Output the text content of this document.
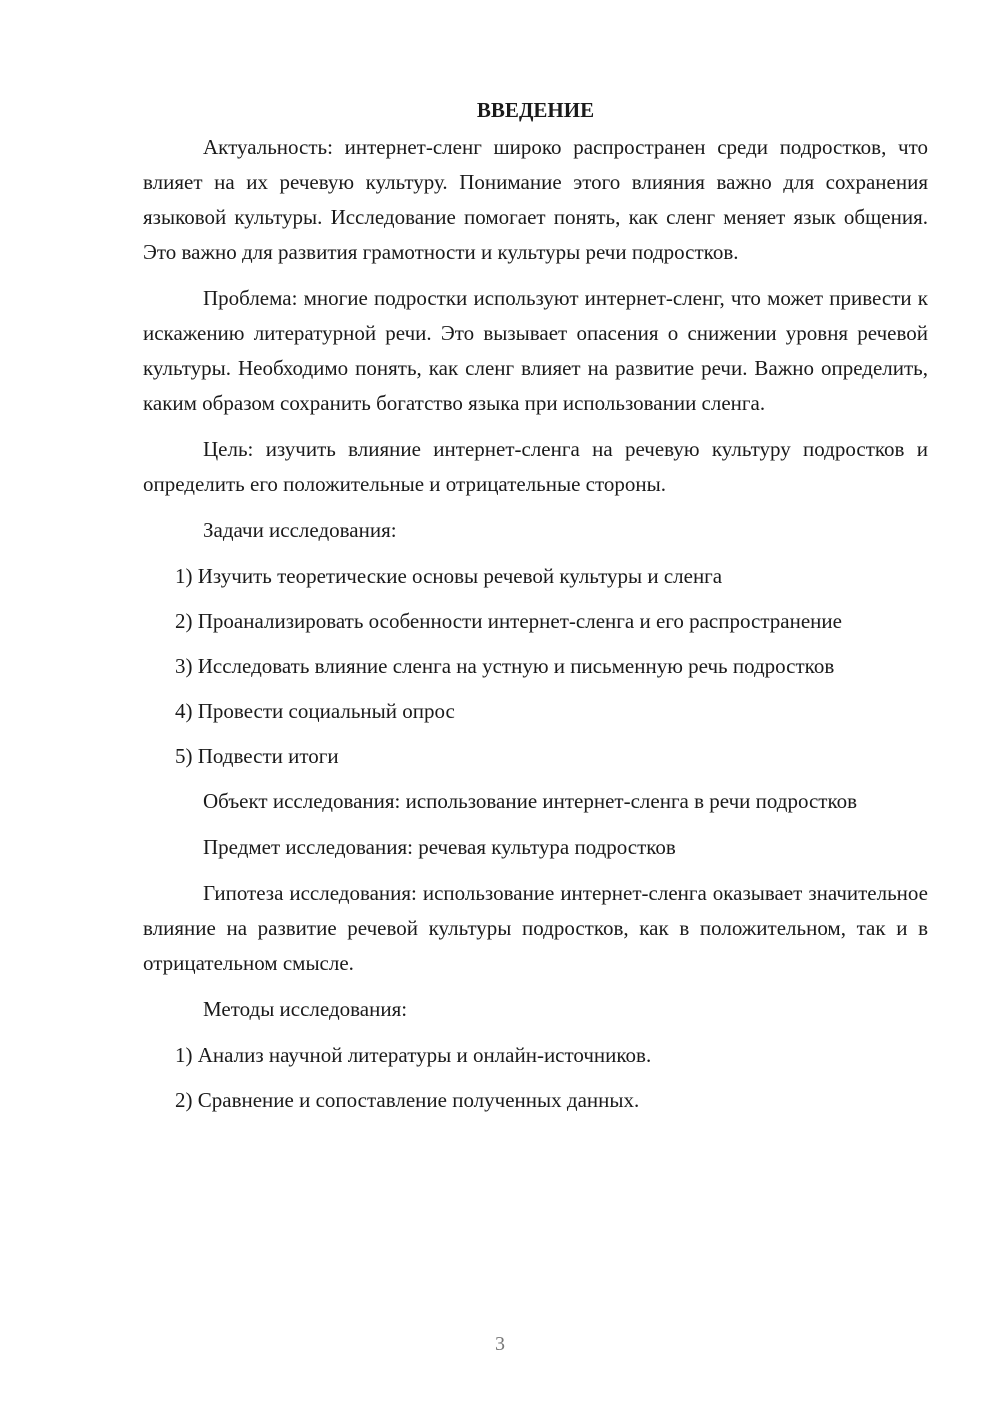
ВВЕДЕНИЕ

Актуальность: интернет-сленг широко распространен среди подростков, что влияет на их речевую культуру. Понимание этого влияния важно для сохранения языковой культуры. Исследование помогает понять, как сленг меняет язык общения. Это важно для развития грамотности и культуры речи подростков.

Проблема: многие подростки используют интернет-сленг, что может привести к искажению литературной речи. Это вызывает опасения о снижении уровня речевой культуры. Необходимо понять, как сленг влияет на развитие речи. Важно определить, каким образом сохранить богатство языка при использовании сленга.

Цель: изучить влияние интернет-сленга на речевую культуру подростков и определить его положительные и отрицательные стороны.

Задачи исследования:

1) Изучить теоретические основы речевой культуры и сленга

2) Проанализировать особенности интернет-сленга и его распространение

3) Исследовать влияние сленга на устную и письменную речь подростков

4) Провести социальный опрос

5) Подвести итоги

Объект исследования: использование интернет-сленга в речи подростков

Предмет исследования: речевая культура подростков

Гипотеза исследования: использование интернет-сленга оказывает значительное влияние на развитие речевой культуры подростков, как в положительном, так и в отрицательном смысле.

Методы исследования:

1) Анализ научной литературы и онлайн-источников.

2) Сравнение и сопоставление полученных данных.

3
